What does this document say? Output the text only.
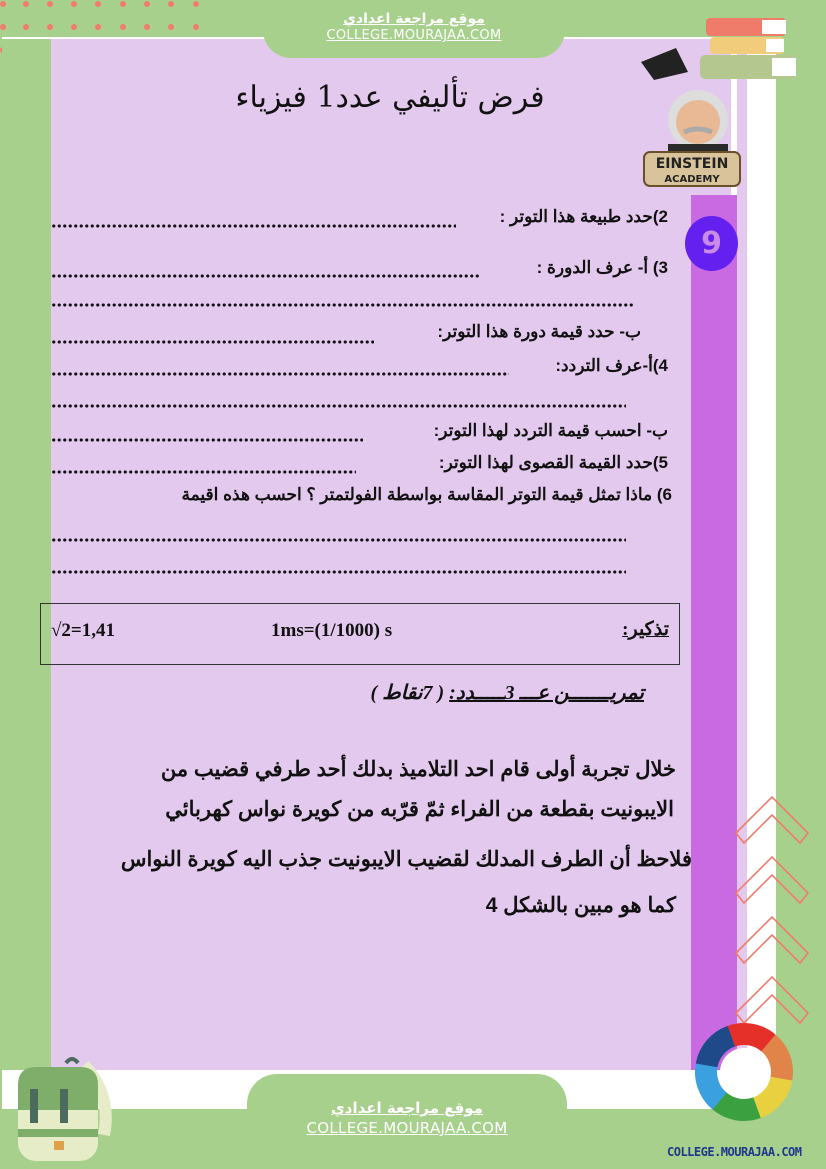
9
موقع مراجعة اعدادي
COLLEGE.MOURAJAA.COM
EINSTEIN
ACADEMY
فرض تأليفي عدد1 فيزياء
2)حدد طبيعة هذا التوتر :
3) أ- عرف الدورة :
ب- حدد قيمة دورة هذا التوتر:
4)أ-عرف التردد:
ب- احسب قيمة التردد لهذا التوتر:
5)حدد القيمة القصوى لهذا التوتر:
6) ماذا تمثل قيمة التوتر المقاسة بواسطة الفولتمتر ؟ احسب هذه اقيمة
√2=1,41	1ms=(1/1000) s	تذكير:
تمريـــــــن عـــ 3ـــــدد: ( 7نقاط )
خلال تجربة أولى قام احد التلاميذ بدلك أحد طرفي قضيب من
الايبونيت بقطعة من الفراء ثمّ قرّبه من كويرة نواس كهربائي
فلاحظ أن الطرف المدلك لقضيب الايبونيت جذب اليه كويرة النواس
كما هو مبين بالشكل 4
موقع مراجعة اعدادي
COLLEGE.MOURAJAA.COM
COLLEGE.MOURAJAA.COM
